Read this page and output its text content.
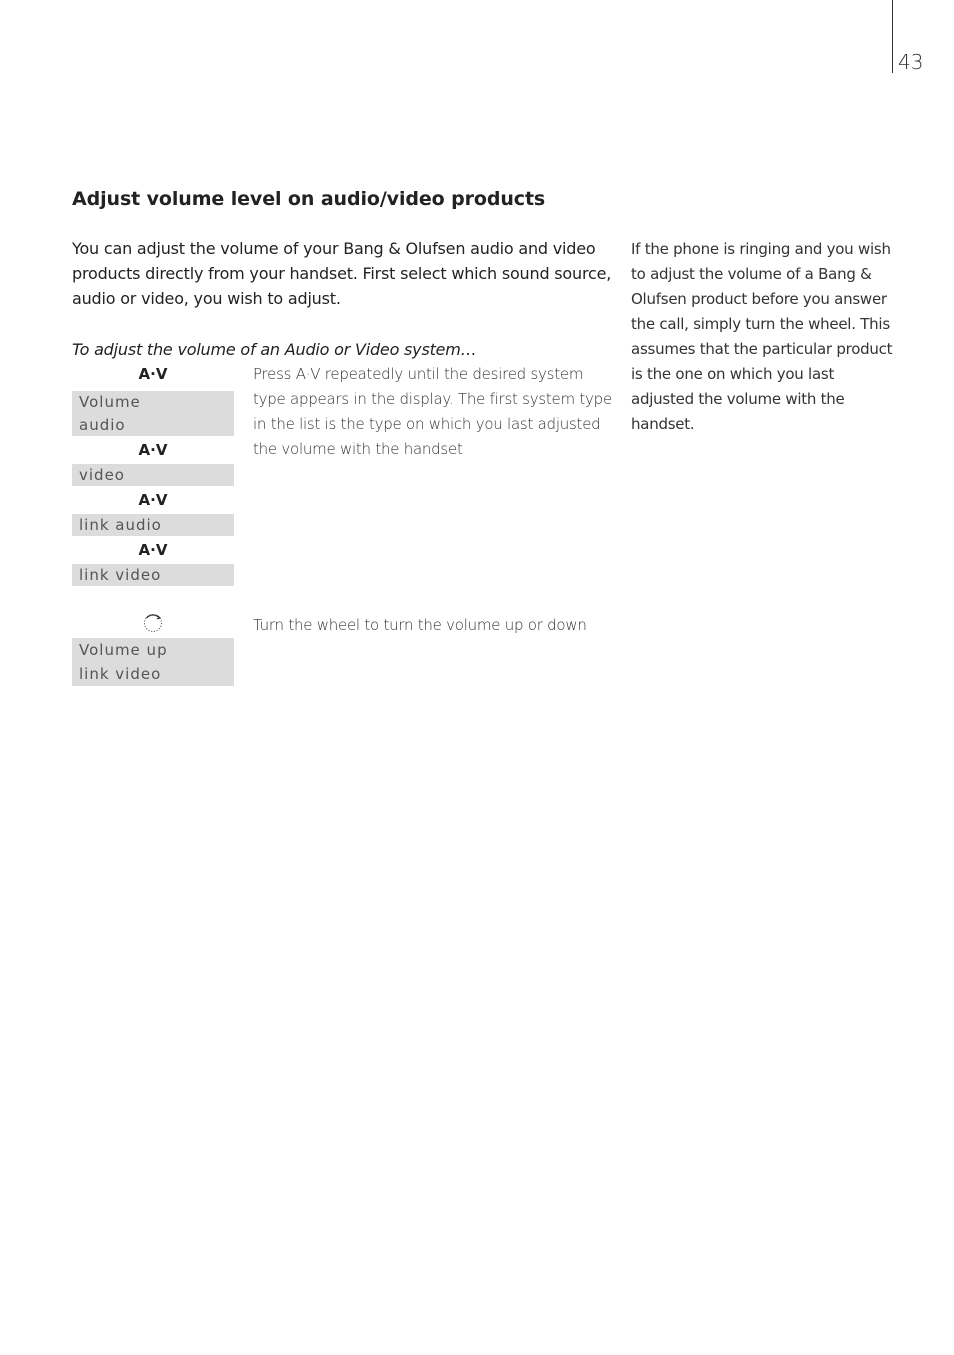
43
Adjust volume level on audio/video products

You can adjust the volume of your Bang & Olufsen audio and video products directly from your handset. First select which sound source, audio or video, you wish to adjust.

To adjust the volume of an Audio or Video system…

A·V
Volume
audio
A·V
video
A·V
link audio
A·V
link video

Press A·V repeatedly until the desired system type appears in the display. The first system type in the list is the type on which you last adjusted the volume with the handset

Volume up
link video

Turn the wheel to turn the volume up or down

If the phone is ringing and you wish to adjust the volume of a Bang & Olufsen product before you answer the call, simply turn the wheel. This assumes that the particular product is the one on which you last adjusted the volume with the handset.
